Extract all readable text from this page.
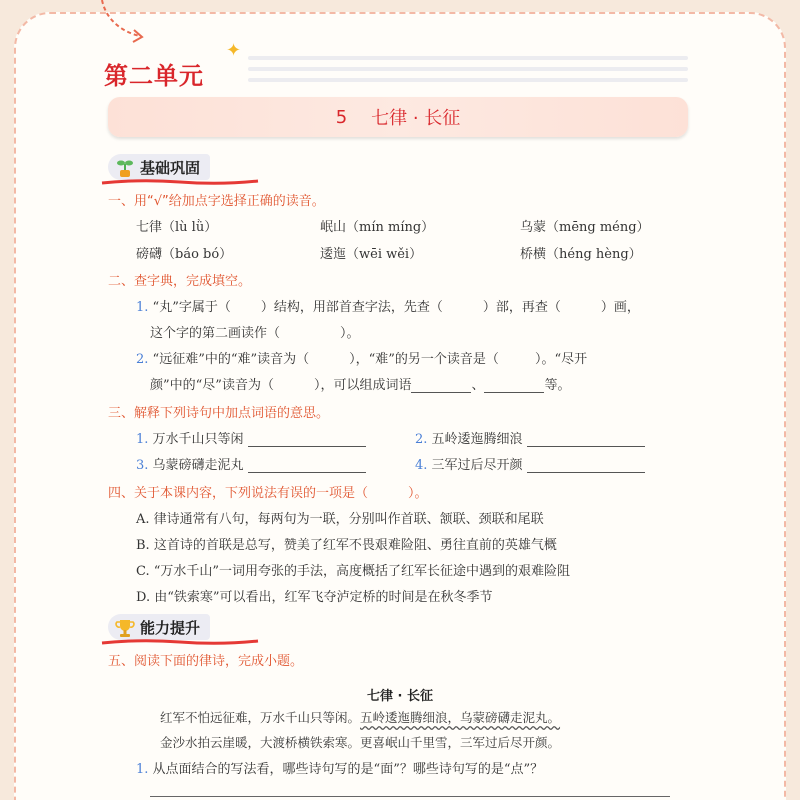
第二单元
✦
5 七律 · 长征
基础巩固
一、用“√”给加点字选择正确的读音。
七律（lù lǜ）	岷山（mín míng）	乌蒙（mēng méng）
磅礴（báo bó）	逶迤（wēi wěi）	桥横（héng hèng）
二、查字典，完成填空。
1. “丸”字属于（ ）结构，用部首查字法，先查（	）部，再查（	）画，
这个字的第二画读作（	）。
2. “远征难”中的“难”读音为（	），“难”的另一个读音是（	）。“尽开
颜”中的“尽”读音为（	），可以组成词语	、	等。
三、解释下列诗句中加点词语的意思。
1. 万水千山只等闲	2. 五岭逶迤腾细浪
3. 乌蒙磅礴走泥丸	4. 三军过后尽开颜
四、关于本课内容，下列说法有误的一项是（	）。
A. 律诗通常有八句，每两句为一联，分别叫作首联、颔联、颈联和尾联
B. 这首诗的首联是总写，赞美了红军不畏艰难险阻、勇往直前的英雄气概
C. “万水千山”一词用夸张的手法，高度概括了红军长征途中遇到的艰难险阻
D. 由“铁索寒”可以看出，红军飞夺泸定桥的时间是在秋冬季节
能力提升
五、阅读下面的律诗，完成小题。
七律 · 长征
红军不怕远征难，万水千山只等闲。五岭逶迤腾细浪，乌蒙磅礴走泥丸。
金沙水拍云崖暖，大渡桥横铁索寒。更喜岷山千里雪，三军过后尽开颜。
1. 从点面结合的写法看，哪些诗句写的是“面”？哪些诗句写的是“点”？
